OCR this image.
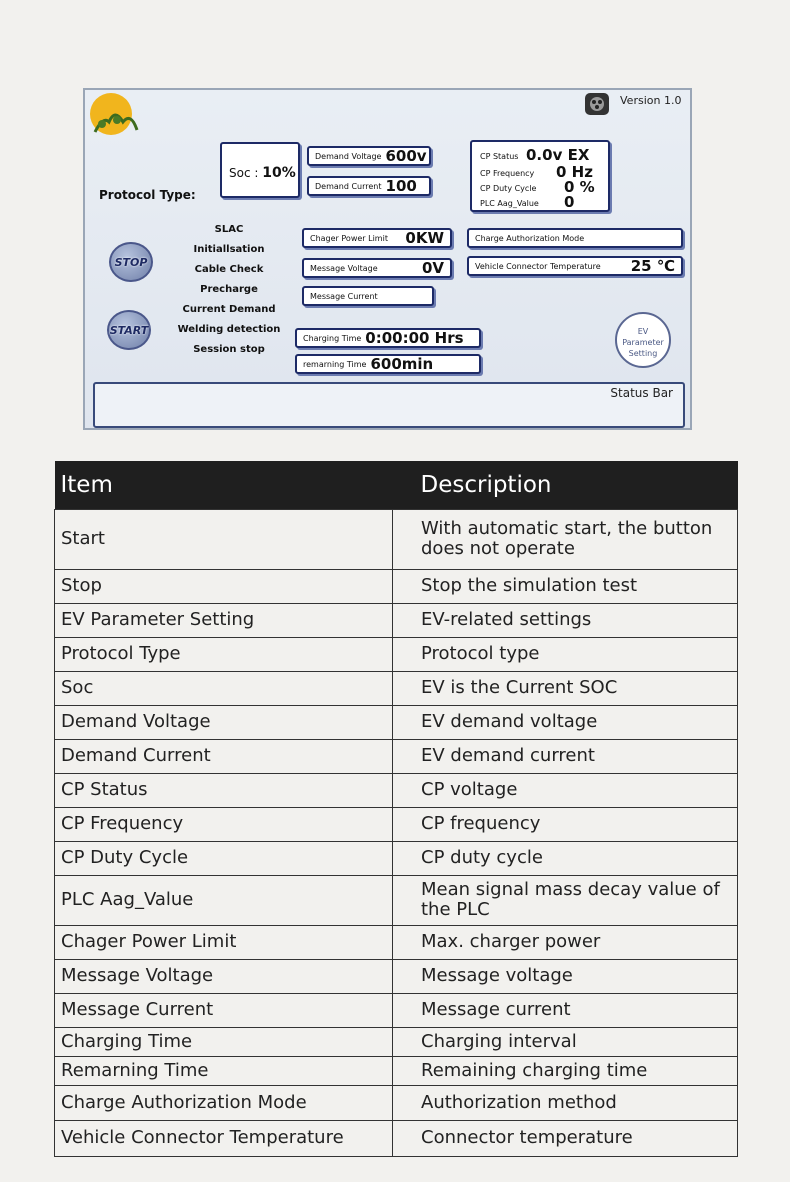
Version 1.0
Protocol Type:
Soc : 10%
Demand Voltage 600v
Demand Current 100
CP Status 0.0v EX
CP Frequency 0 Hz
CP Duty Cycle 0 %
PLC Aag_Value 0
SLAC
Initiallsation
Cable Check
Precharge
Current Demand
Welding detection
Session stop
STOP
START
Chager Power Limit 0KW
Message Voltage	0V
Message Current
Charge Authorization Mode
Vehicle Connector Temperature 25 ℃
Charging Time 0:00:00 Hrs
remarning Time 600min
EV
Parameter
Setting
Status Bar
Item	Description
Start	With automatic start, the button does not operate
Stop	Stop the simulation test
EV Parameter Setting	EV-related settings
Protocol Type	Protocol type
Soc	EV is the Current SOC
Demand Voltage	EV demand voltage
Demand Current	EV demand current
CP Status	CP voltage
CP Frequency	CP frequency
CP Duty Cycle	CP duty cycle
PLC Aag_Value	Mean signal mass decay value of the PLC
Chager Power Limit	Max. charger power
Message Voltage	Message voltage
Message Current	Message current
Charging Time	Charging interval
Remarning Time	Remaining charging time
Charge Authorization Mode	Authorization method
Vehicle Connector Temperature	Connector temperature
